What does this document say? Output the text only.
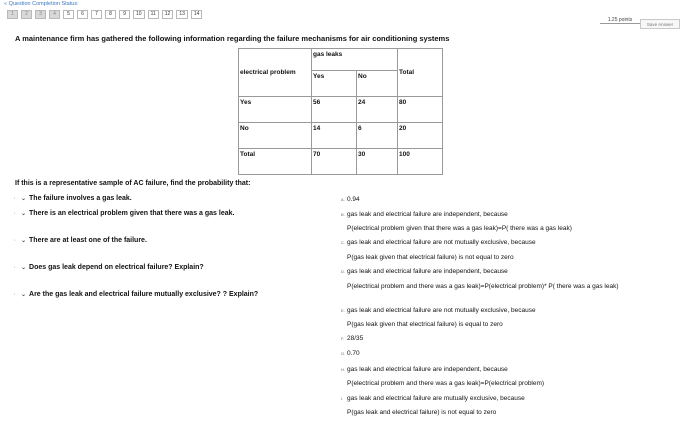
« Question Completion Status:
1	2	3	4	5	6	7	8	9	10	11	12	13	14
1.25 points
Save Answer
A maintenance firm has gathered the following information regarding the failure mechanisms for air conditioning systems
electrical problem	gas leaks		Total
	Yes	No	
Yes	56	24	80
No	14	6	20
Total	70	30	100
If this is a representative sample of AC failure, find the probability that:
· ⌄ The failure involves a gas leak.
· ⌄ There is an electrical problem given that there was a gas leak.
· ⌄ There are at least one of the failure.
· ⌄ Does gas leak depend on electrical failure? Explain?
· ⌄ Are the gas leak and electrical failure mutually exclusive? ? Explain?
A. 0.94
B. gas leak and electrical failure are independent, because
P(electrical problem given that there was a gas leak)=P( there was a gas leak)
C. gas leak and electrical failure are not mutually exclusive, because
P(gas leak given that electrical failure) is not equal to zero
D. gas leak and electrical failure are independent, because
P(electrical problem and there was a gas leak)=P(electrical problem)* P( there was a gas leak)
E. gas leak and electrical failure are not mutually exclusive, because
P(gas leak given that electrical failure) is equal to zero
F. 28/35
G. 0.70
H. gas leak and electrical failure are independent, because
P(electrical problem and there was a gas leak)=P(electrical problem)
I. gas leak and electrical failure are mutually exclusive, because
P(gas leak and electrical failure) is not equal to zero
